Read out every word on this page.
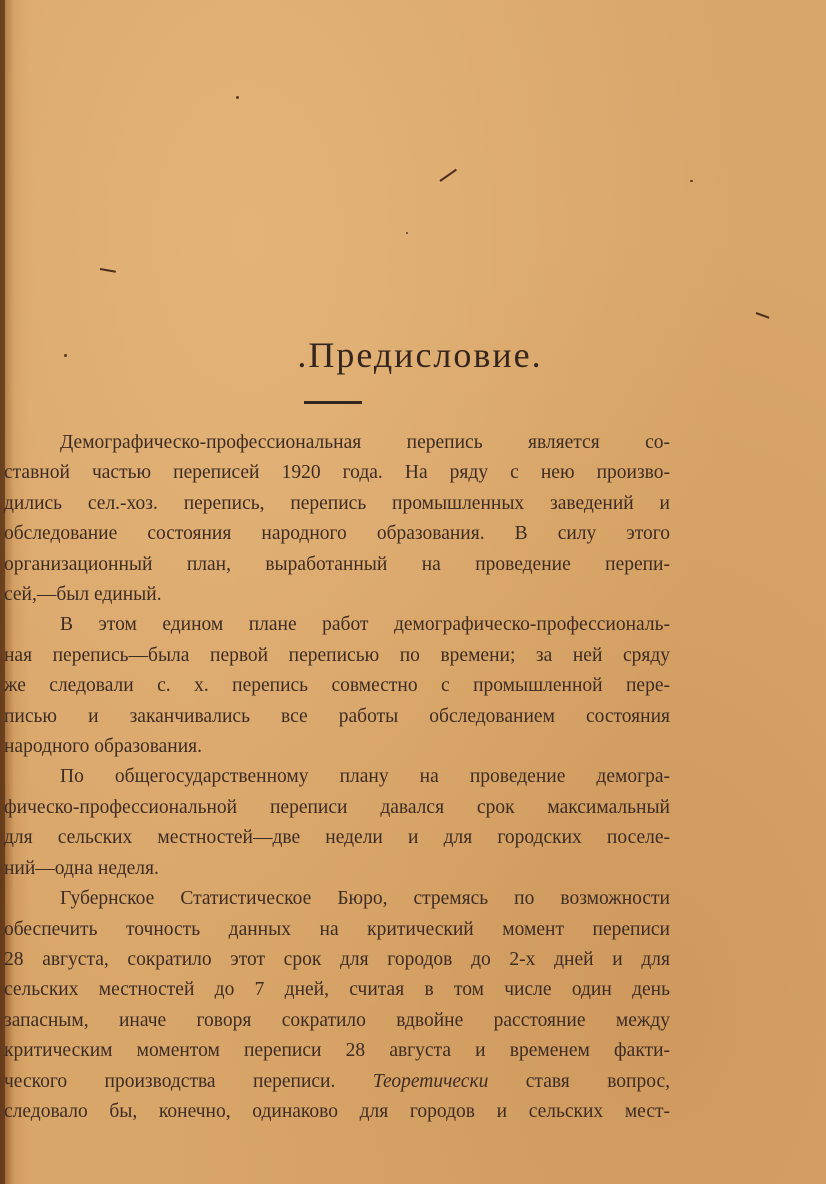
.Предисловие.
Демографическо-профессиональная перепись является со-
ставной частью переписей 1920 года. На ряду с нею произво-
дились сел.-хоз. перепись, перепись промышленных заведений и
обследование состояния народного образования. В силу этого
организационный план, выработанный на проведение перепи-
сей,—был единый.
В этом едином плане работ демографическо-профессиональ-
ная перепись—была первой переписью по времени; за ней сряду
же следовали с. х. перепись совместно с промышленной пере-
писью и заканчивались все работы обследованием состояния
народного образования.
По общегосударственному плану на проведение демогра-
фическо-профессиональной переписи давался срок максимальный
для сельских местностей—две недели и для городских поселе-
ний—одна неделя.
Губернское Статистическое Бюро, стремясь по возможности
обеспечить точность данных на критический момент переписи
28 августа, сократило этот срок для городов до 2-х дней и для
сельских местностей до 7 дней, считая в том числе один день
запасным, иначе говоря сократило вдвойне расстояние между
критическим моментом переписи 28 августа и временем факти-
ческого производства переписи. Теоретически ставя вопрос,
следовало бы, конечно, одинаково для городов и сельских мест-
